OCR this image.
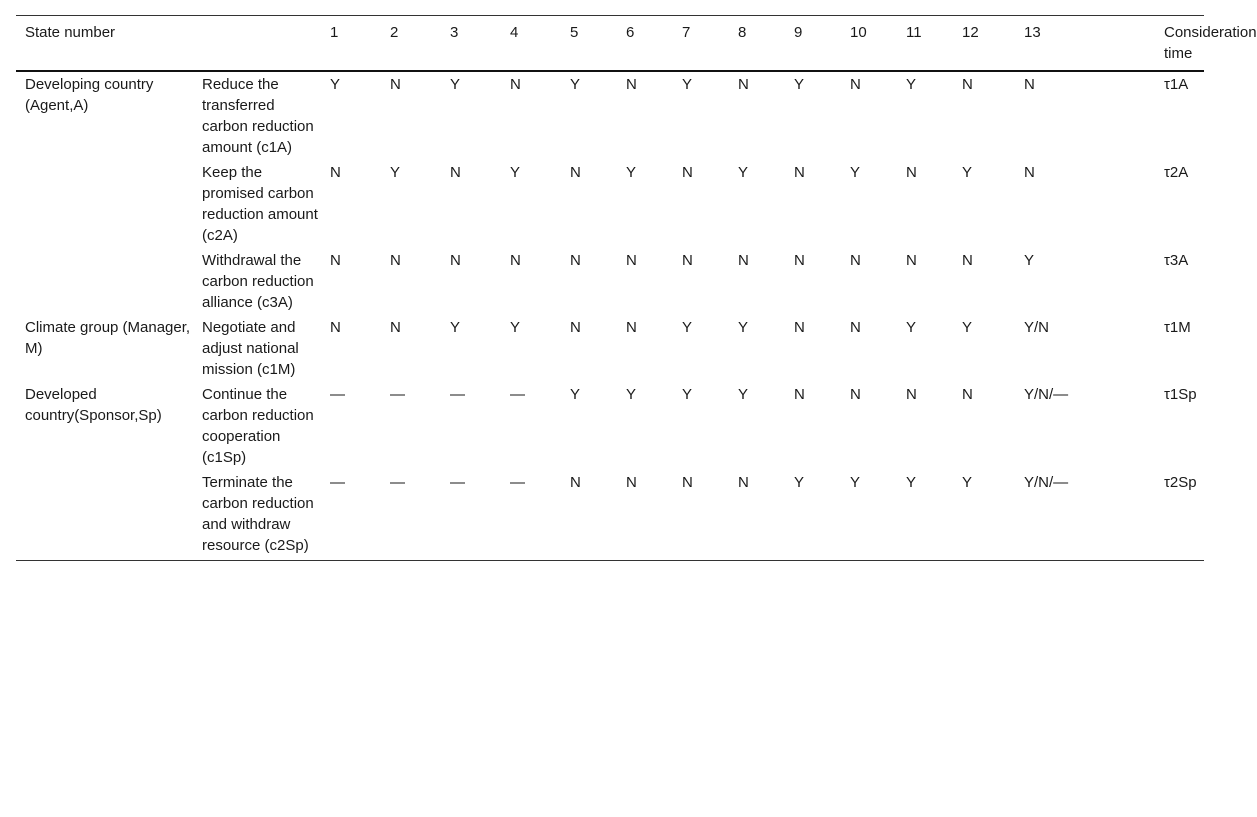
State number		1	2	3	4	5	6	7	8	9	10	11	12	13	Consideration time
Developing country (Agent,A)	Reduce the transferred carbon reduction amount (c1A)	Y	N	Y	N	Y	N	Y	N	Y	N	Y	N	N	τ1A
	Keep the promised carbon reduction amount (c2A)	N	Y	N	Y	N	Y	N	Y	N	Y	N	Y	N	τ2A
	Withdrawal the carbon reduction alliance (c3A)	N	N	N	N	N	N	N	N	N	N	N	N	Y	τ3A
Climate group (Manager, M)	Negotiate and adjust national mission (c1M)	N	N	Y	Y	N	N	Y	Y	N	N	Y	Y	Y/N	τ1M
Developed country(Sponsor,Sp)	Continue the carbon reduction cooperation (c1Sp)	—	—	—	—	Y	Y	Y	Y	N	N	N	N	Y/N/—	τ1Sp
	Terminate the carbon reduction and withdraw resource (c2Sp)	—	—	—	—	N	N	N	N	Y	Y	Y	Y	Y/N/—	τ2Sp
